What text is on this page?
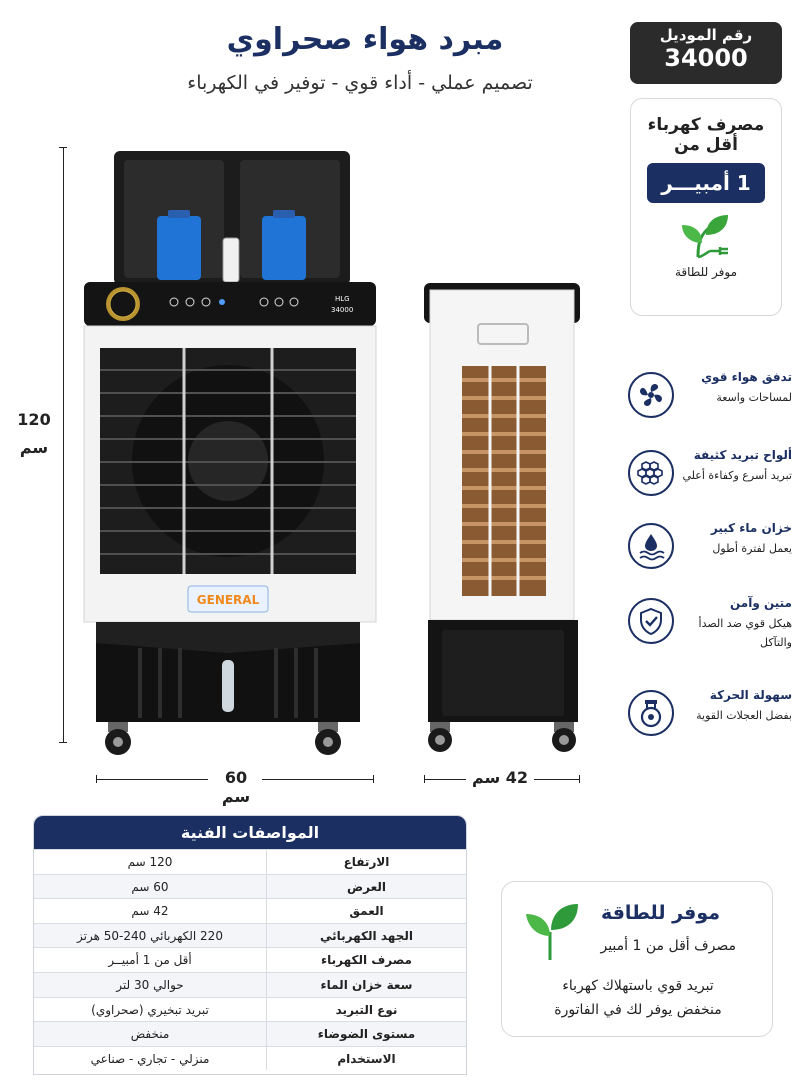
مبرد هواء صحراوي
تصميم عملي - أداء قوي - توفير في الكهرباء
رقم الموديل
34000
مصرف كهرباء
أقل من
1 أمبيـــر
موفر للطاقة
تدفق هواء قوي
لمساحات واسعة
ألواح تبريد كثيفة
تبريد أسرع وكفاءة أعلي
خزان ماء كبير
يعمل لفترة أطول
متين وآمن
هيكل قوي ضد الصدأ والتآكل
سهولة الحركة
بفضل العجلات القوية
120
سم
HLG
34000
GENERAL
60 سم
42 سم
المواصفات الفنية
الارتفاع
120 سم
العرض
60 سم
العمق
42 سم
الجهد الكهربائي
220 الكهربائي 240-50 هرتز
مصرف الكهرباء
أقل من 1 أمبيــر
سعة خزان الماء
حوالي 30 لتر
نوع التبريد
تبريد تبخيري (صحراوي)
مستوى الضوضاء
منخفض
الاستخدام
منزلي - تجاري - صناعي
موفر للطاقة
مصرف أقل من 1 أمبير
تبريد قوي باستهلاك كهرباء
منخفض يوفر لك في الفاتورة
